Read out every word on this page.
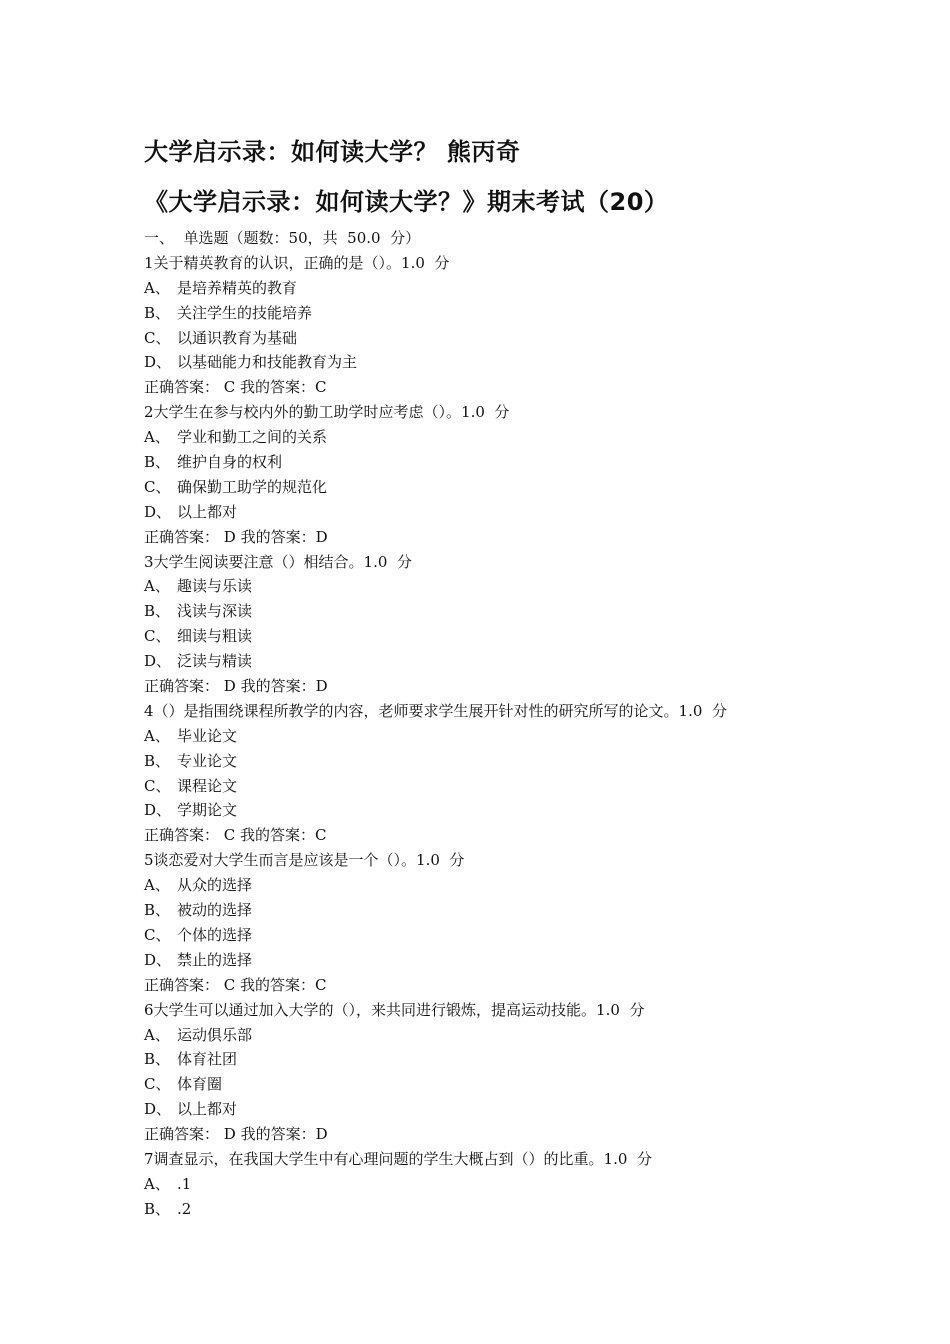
大学启示录：如何读大学？ 熊丙奇
《大学启示录：如何读大学？》期末考试（20）
一、  单选题（题数：50，共  50.0  分）
1关于精英教育的认识，正确的是（）。1.0  分
A、 是培养精英的教育
B、 关注学生的技能培养
C、 以通识教育为基础
D、 以基础能力和技能教育为主
正确答案： C 我的答案：C
2大学生在参与校内外的勤工助学时应考虑（）。1.0  分
A、 学业和勤工之间的关系
B、 维护自身的权利
C、 确保勤工助学的规范化
D、 以上都对
正确答案： D 我的答案：D
3大学生阅读要注意（）相结合。1.0  分
A、 趣读与乐读
B、 浅读与深读
C、 细读与粗读
D、 泛读与精读
正确答案： D 我的答案：D
4（）是指围绕课程所教学的内容，老师要求学生展开针对性的研究所写的论文。1.0  分
A、 毕业论文
B、 专业论文
C、 课程论文
D、 学期论文
正确答案： C 我的答案：C
5谈恋爱对大学生而言是应该是一个（）。1.0  分
A、 从众的选择
B、 被动的选择
C、 个体的选择
D、 禁止的选择
正确答案： C 我的答案：C
6大学生可以通过加入大学的（），来共同进行锻炼，提高运动技能。1.0  分
A、 运动俱乐部
B、 体育社团
C、 体育圈
D、 以上都对
正确答案： D 我的答案：D
7调查显示，在我国大学生中有心理问题的学生大概占到（）的比重。1.0  分
A、 .1
B、 .2
